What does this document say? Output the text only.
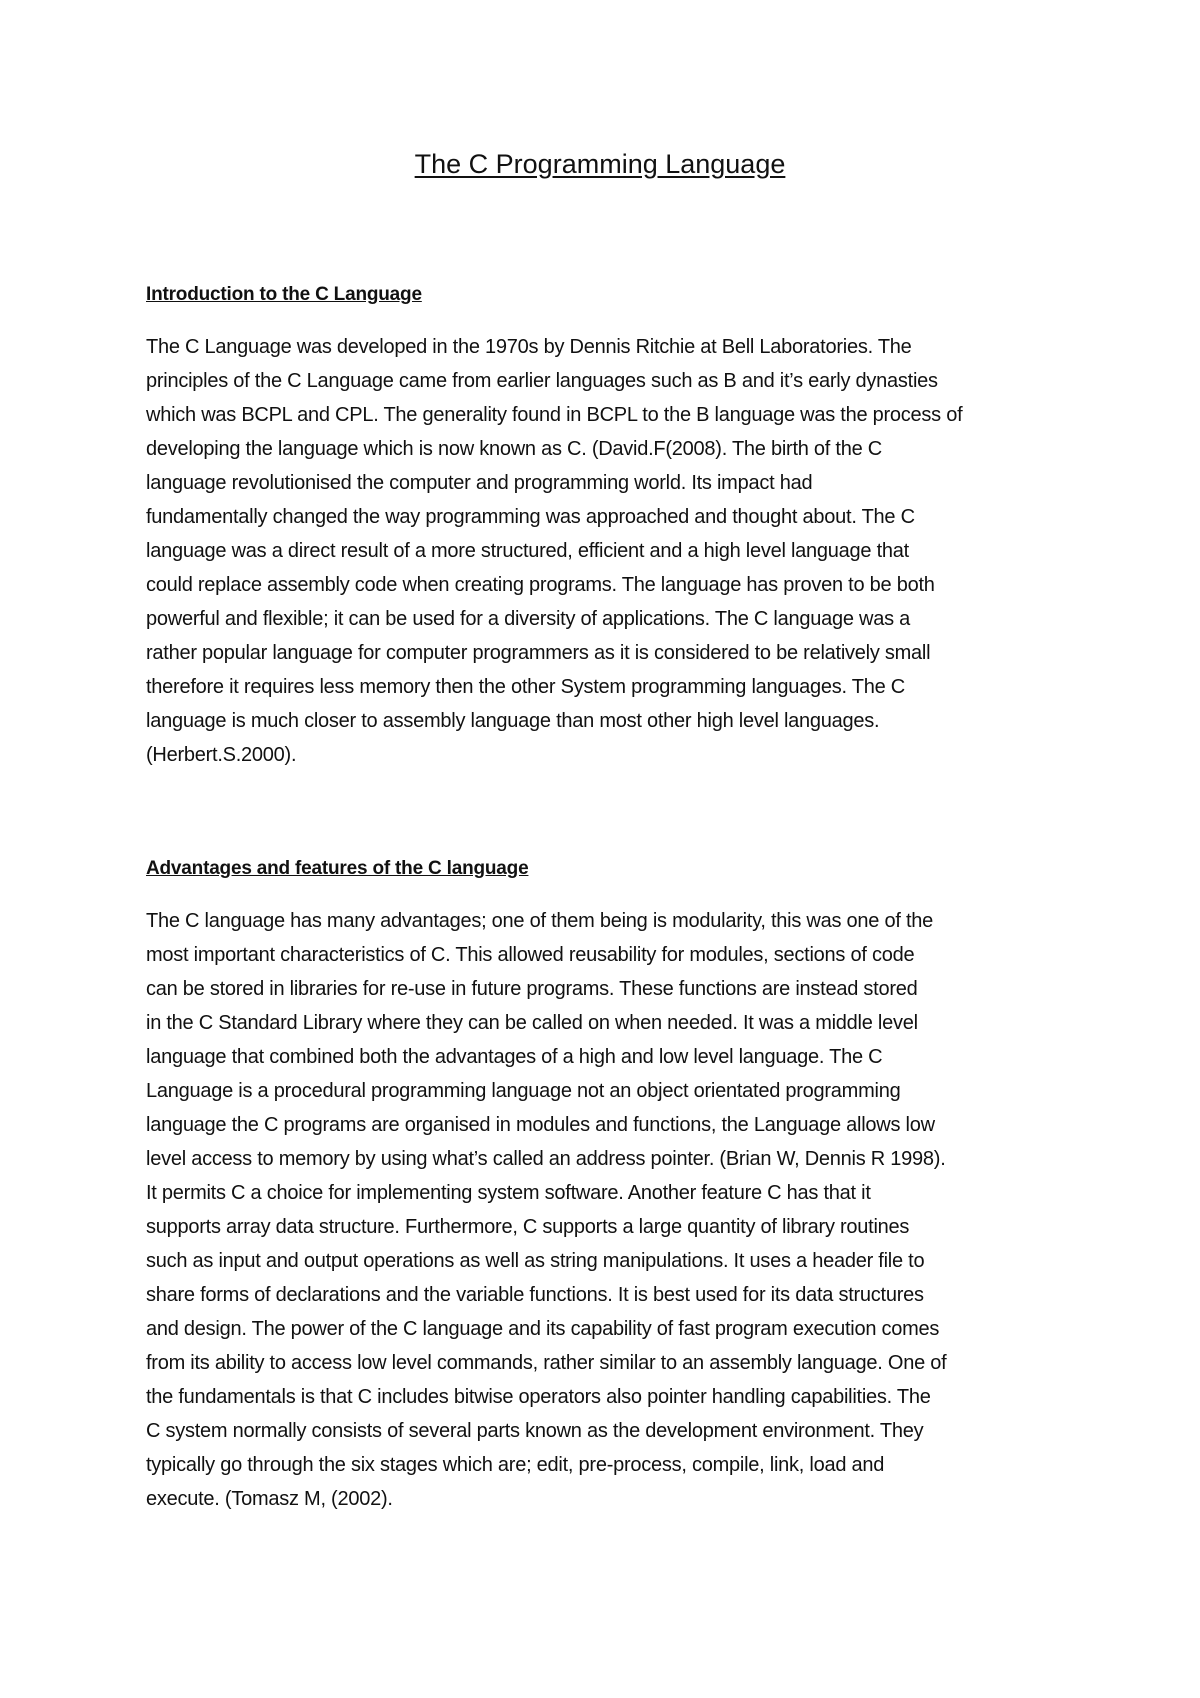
The C Programming Language
Introduction to the C Language

The C Language was developed in the 1970s by Dennis Ritchie at Bell Laboratories. The
principles of the C Language came from earlier languages such as B and it’s early dynasties
which was BCPL and CPL. The generality found in BCPL to the B language was the process of
developing the language which is now known as C. (David.F(2008). The birth of the C
language revolutionised the computer and programming world. Its impact had
fundamentally changed the way programming was approached and thought about. The C
language was a direct result of a more structured, efficient and a high level language that
could replace assembly code when creating programs. The language has proven to be both
powerful and flexible; it can be used for a diversity of applications. The C language was a
rather popular language for computer programmers as it is considered to be relatively small
therefore it requires less memory then the other System programming languages. The C
language is much closer to assembly language than most other high level languages.
(Herbert.S.2000).

Advantages and features of the C language

The C language has many advantages; one of them being is modularity, this was one of the
most important characteristics of C. This allowed reusability for modules, sections of code
can be stored in libraries for re-use in future programs. These functions are instead stored
in the C Standard Library where they can be called on when needed. It was a middle level
language that combined both the advantages of a high and low level language. The C
Language is a procedural programming language not an object orientated programming
language the C programs are organised in modules and functions, the Language allows low
level access to memory by using what’s called an address pointer. (Brian W, Dennis R 1998).
It permits C a choice for implementing system software. Another feature C has that it
supports array data structure. Furthermore, C supports a large quantity of library routines
such as input and output operations as well as string manipulations. It uses a header file to
share forms of declarations and the variable functions. It is best used for its data structures
and design. The power of the C language and its capability of fast program execution comes
from its ability to access low level commands, rather similar to an assembly language. One of
the fundamentals is that C includes bitwise operators also pointer handling capabilities. The
C system normally consists of several parts known as the development environment. They
typically go through the six stages which are; edit, pre-process, compile, link, load and
execute. (Tomasz M, (2002).
